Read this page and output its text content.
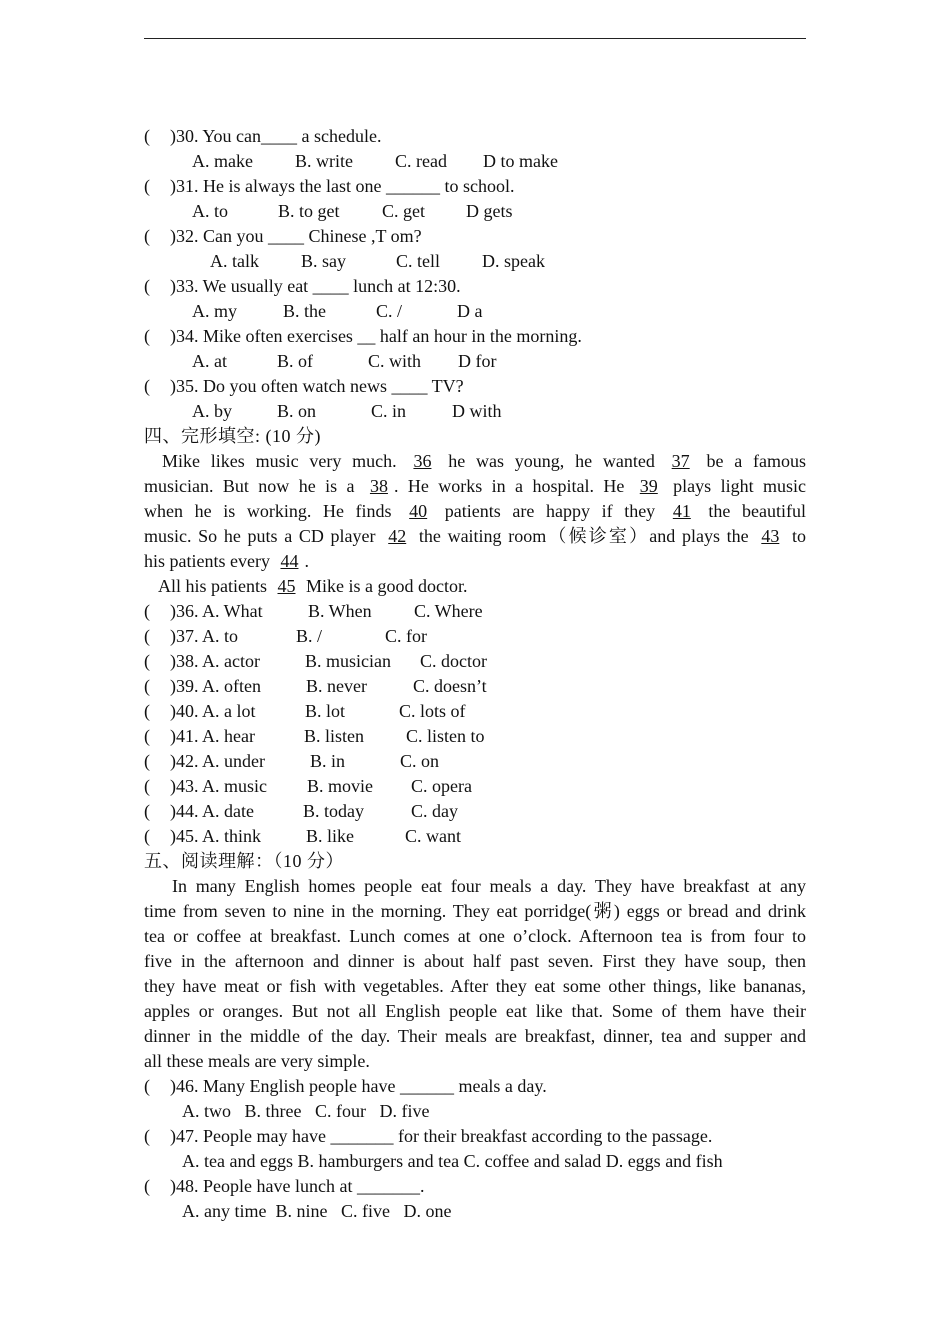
( )30. You can____ a schedule.
A. make B. write C. read D to make
( )31. He is always the last one ______ to school.
A. to	B. to get C. get D gets
( )32. Can you ____ Chinese ,T om?
A. talk B. say	C. tell D. speak
( )33. We usually eat ____ lunch at 12:30.
A. my	B. the	C. /	D a
( )34. Mike often exercises __ half an hour in the morning.
A. at	B. of	C. with D for
( )35. Do you often watch news ____ TV?
A. by	B. on	C. in	D with
四、完形填空: (10 分)
Mike likes music very much. 36 he was young, he wanted 37 be a famous
musician. But now he is a 38 . He works in a hospital. He 39 plays light music
when he is working. He finds 40 patients are happy if they 41 the beautiful
music. So he puts a CD player 42 the waiting room（候诊室）and plays the 43 to
his patients every 44 .
All his patients 45 Mike is a good doctor.
( )36. A. What	B. When C. Where
( )37. A. to	B. /	C. for
( )38. A. actor	B. musician C. doctor
( )39. A. often	B. never	C. doesn’t
( )40. A. a lot	B. lot	C. lots of
( )41. A. hear	B. listen C. listen to
( )42. A. under	B. in	C. on
( )43. A. music B. movie C. opera
( )44. A. date	B. today	C. day
( )45. A. think B. like	C. want
五、阅读理解：（10 分）
In many English homes people eat four meals a day. They have breakfast at any
time from seven to nine in the morning. They eat porridge(粥) eggs or bread and drink
tea or coffee at breakfast. Lunch comes at one o’clock. Afternoon tea is from four to
five in the afternoon and dinner is about half past seven. First they have soup, then
they have meat or fish with vegetables. After they eat some other things, like bananas,
apples or oranges. But not all English people eat like that. Some of them have their
dinner in the middle of the day. Their meals are breakfast, dinner, tea and supper and
all these meals are very simple.
( )46. Many English people have ______ meals a day.
A. two   B. three   C. four   D. five
( )47. People may have _______ for their breakfast according to the passage.
A. tea and eggs B. hamburgers and tea C. coffee and salad D. eggs and fish
( )48. People have lunch at _______.
A. any time  B. nine   C. five   D. one
